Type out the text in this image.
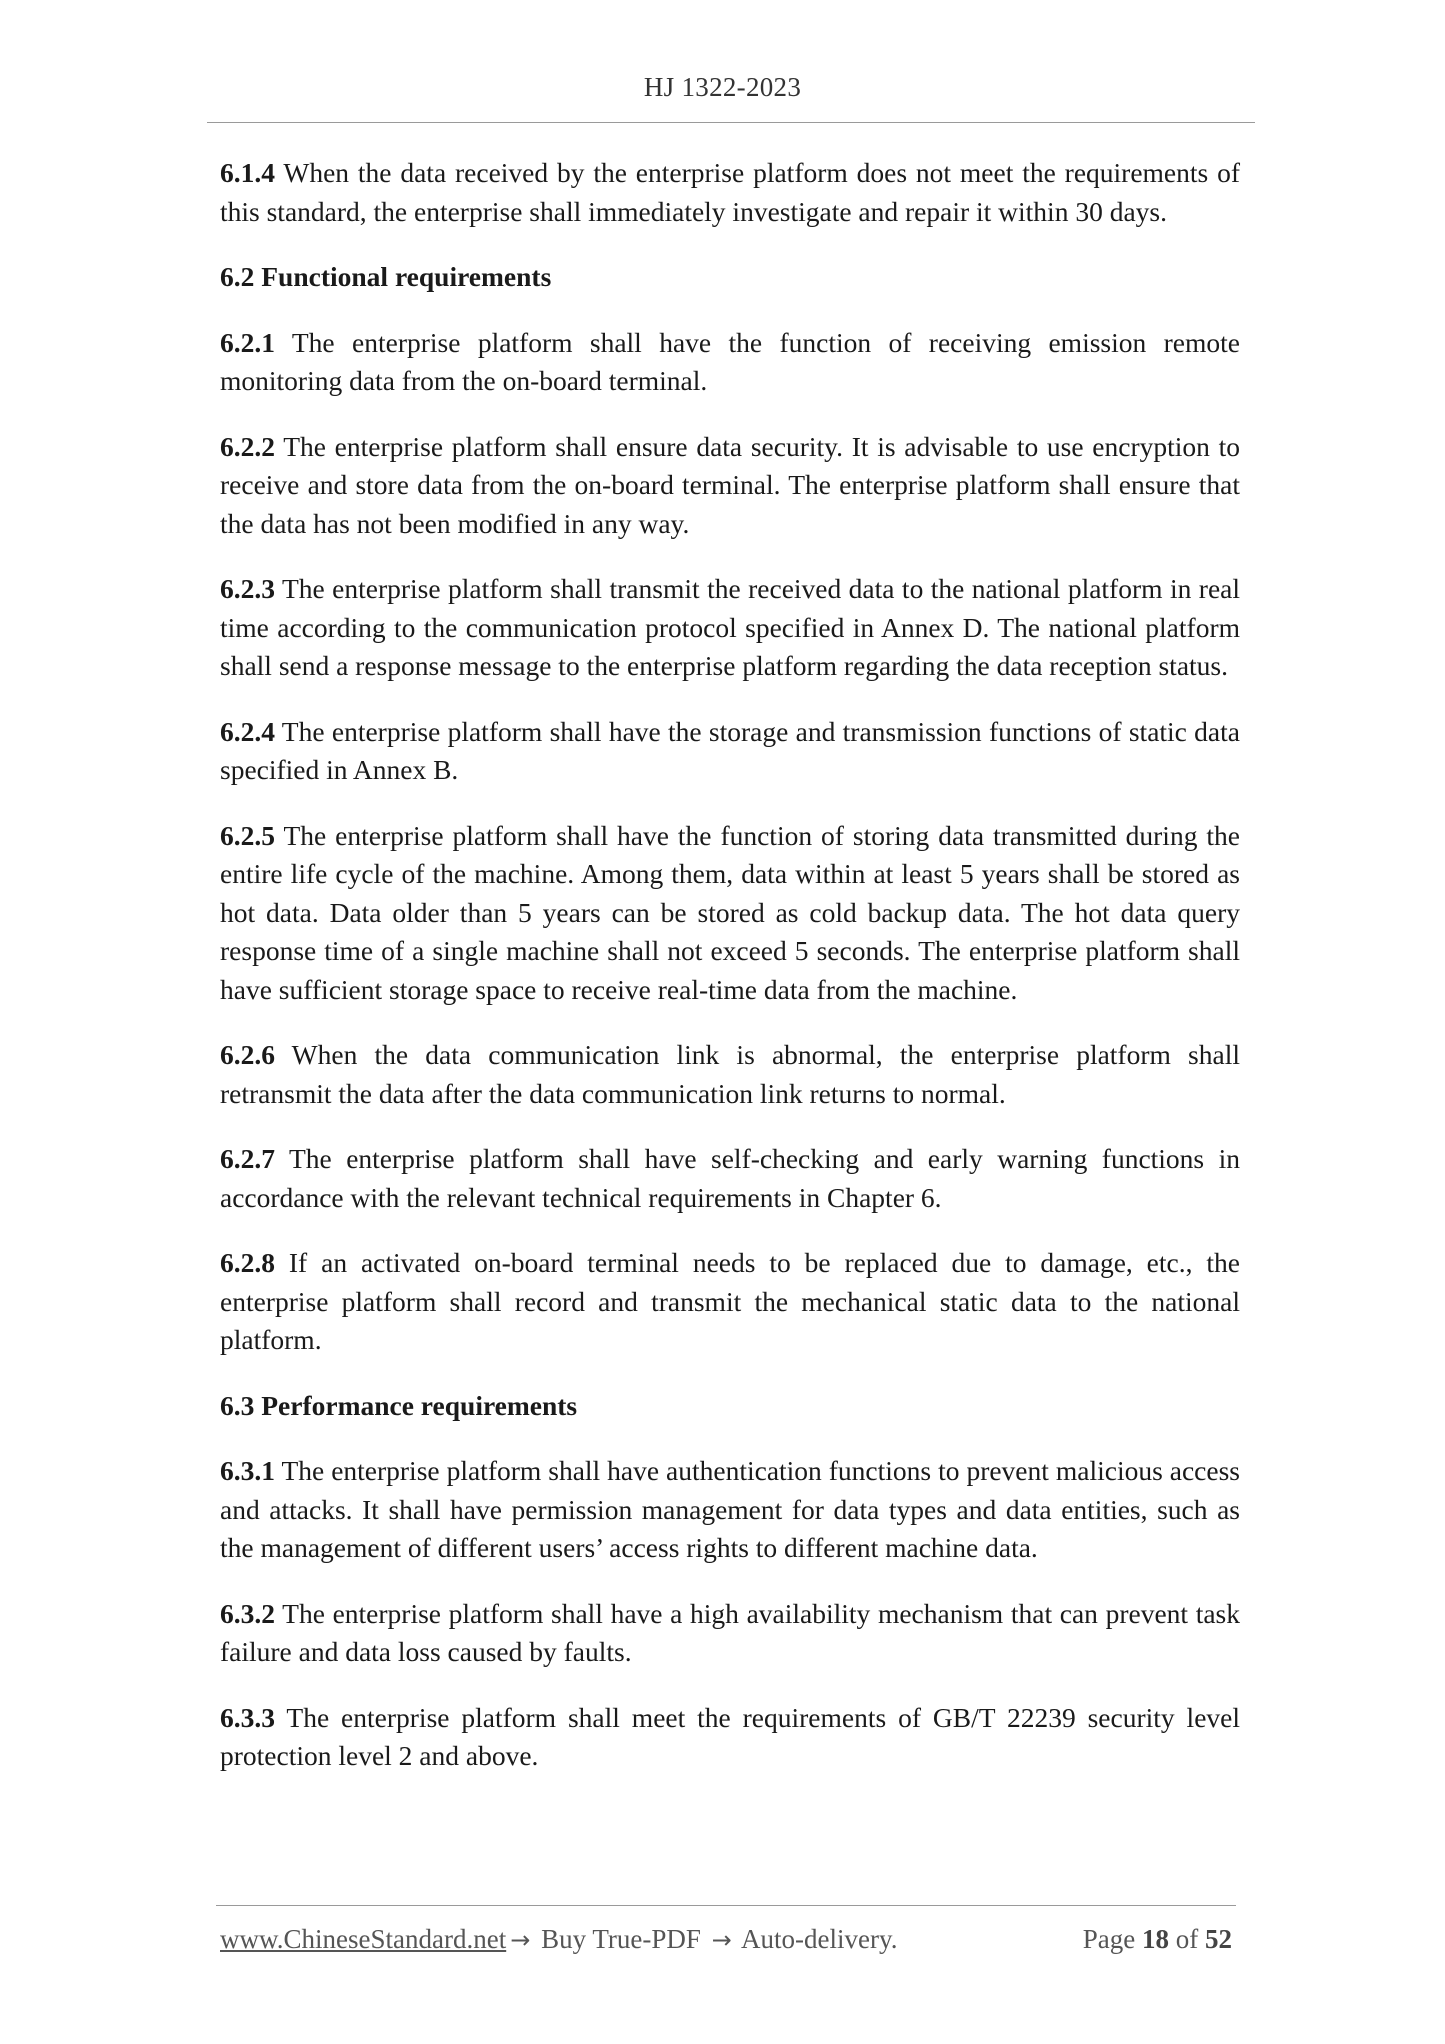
HJ 1322-2023

6.1.4 When the data received by the enterprise platform does not meet the requirements of this standard, the enterprise shall immediately investigate and repair it within 30 days.

6.2 Functional requirements

6.2.1 The enterprise platform shall have the function of receiving emission remote monitoring data from the on-board terminal.

6.2.2 The enterprise platform shall ensure data security. It is advisable to use encryption to receive and store data from the on-board terminal. The enterprise platform shall ensure that the data has not been modified in any way.

6.2.3 The enterprise platform shall transmit the received data to the national platform in real time according to the communication protocol specified in Annex D. The national platform shall send a response message to the enterprise platform regarding the data reception status.

6.2.4 The enterprise platform shall have the storage and transmission functions of static data specified in Annex B.

6.2.5 The enterprise platform shall have the function of storing data transmitted during the entire life cycle of the machine. Among them, data within at least 5 years shall be stored as hot data. Data older than 5 years can be stored as cold backup data. The hot data query response time of a single machine shall not exceed 5 seconds. The enterprise platform shall have sufficient storage space to receive real-time data from the machine.

6.2.6 When the data communication link is abnormal, the enterprise platform shall retransmit the data after the data communication link returns to normal.

6.2.7 The enterprise platform shall have self-checking and early warning functions in accordance with the relevant technical requirements in Chapter 6.

6.2.8 If an activated on-board terminal needs to be replaced due to damage, etc., the enterprise platform shall record and transmit the mechanical static data to the national platform.

6.3 Performance requirements

6.3.1 The enterprise platform shall have authentication functions to prevent malicious access and attacks. It shall have permission management for data types and data entities, such as the management of different users’ access rights to different machine data.

6.3.2 The enterprise platform shall have a high availability mechanism that can prevent task failure and data loss caused by faults.

6.3.3 The enterprise platform shall meet the requirements of GB/T 22239 security level protection level 2 and above.

www.ChineseStandard.net → Buy True-PDF → Auto-delivery.	Page 18 of 52
